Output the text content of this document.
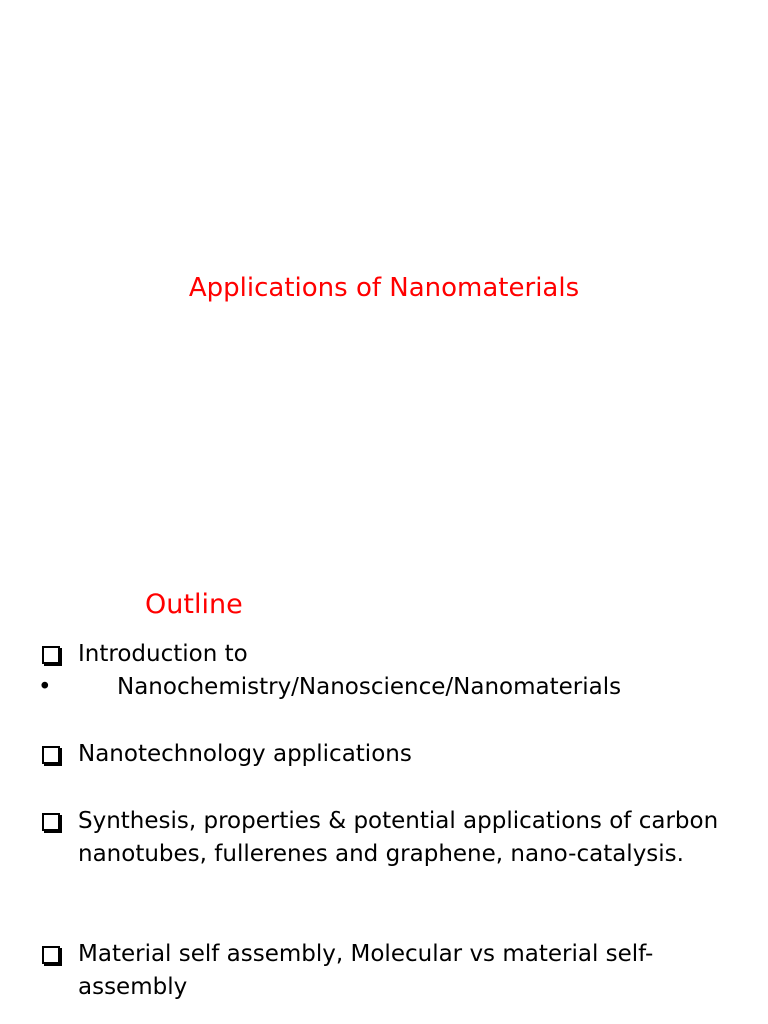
Applications of Nanomaterials
Outline
Introduction to
•	Nanochemistry/Nanoscience/Nanomaterials
Nanotechnology applications
Synthesis, properties & potential applications of carbon nanotubes, fullerenes and graphene, nano-catalysis.
Material self assembly, Molecular vs material self-assembly
